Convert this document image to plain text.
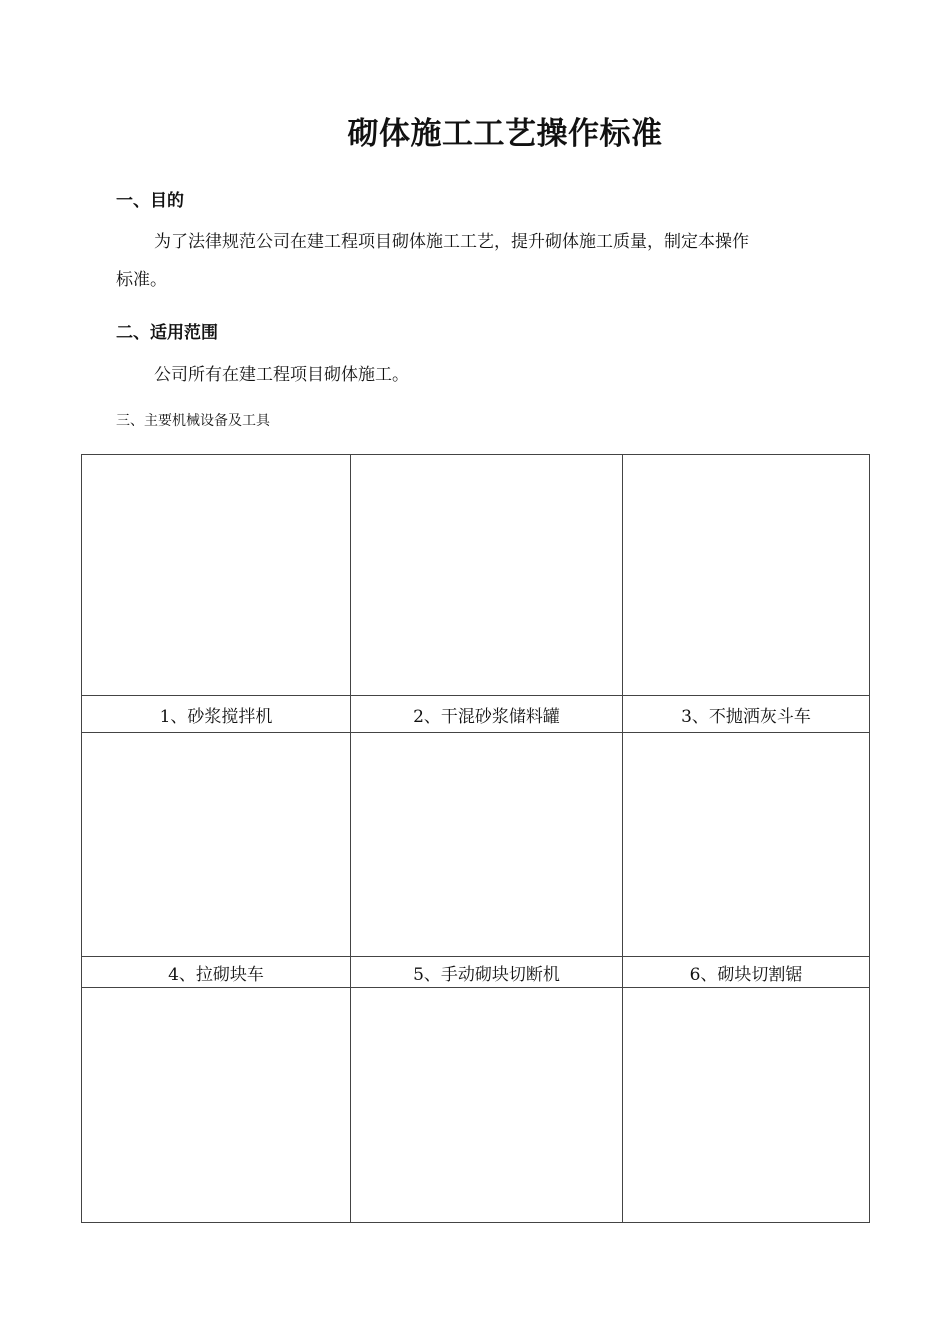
砌体施工工艺操作标准
一、目的
为了法律规范公司在建工程项目砌体施工工艺，提升砌体施工质量，制定本操作
标准。
二、适用范围
公司所有在建工程项目砌体施工。
三、主要机械设备及工具

1、砂浆搅拌机	2、干混砂浆储料罐	3、不抛洒灰斗车

4、拉砌块车	5、手动砌块切断机	6、砌块切割锯
